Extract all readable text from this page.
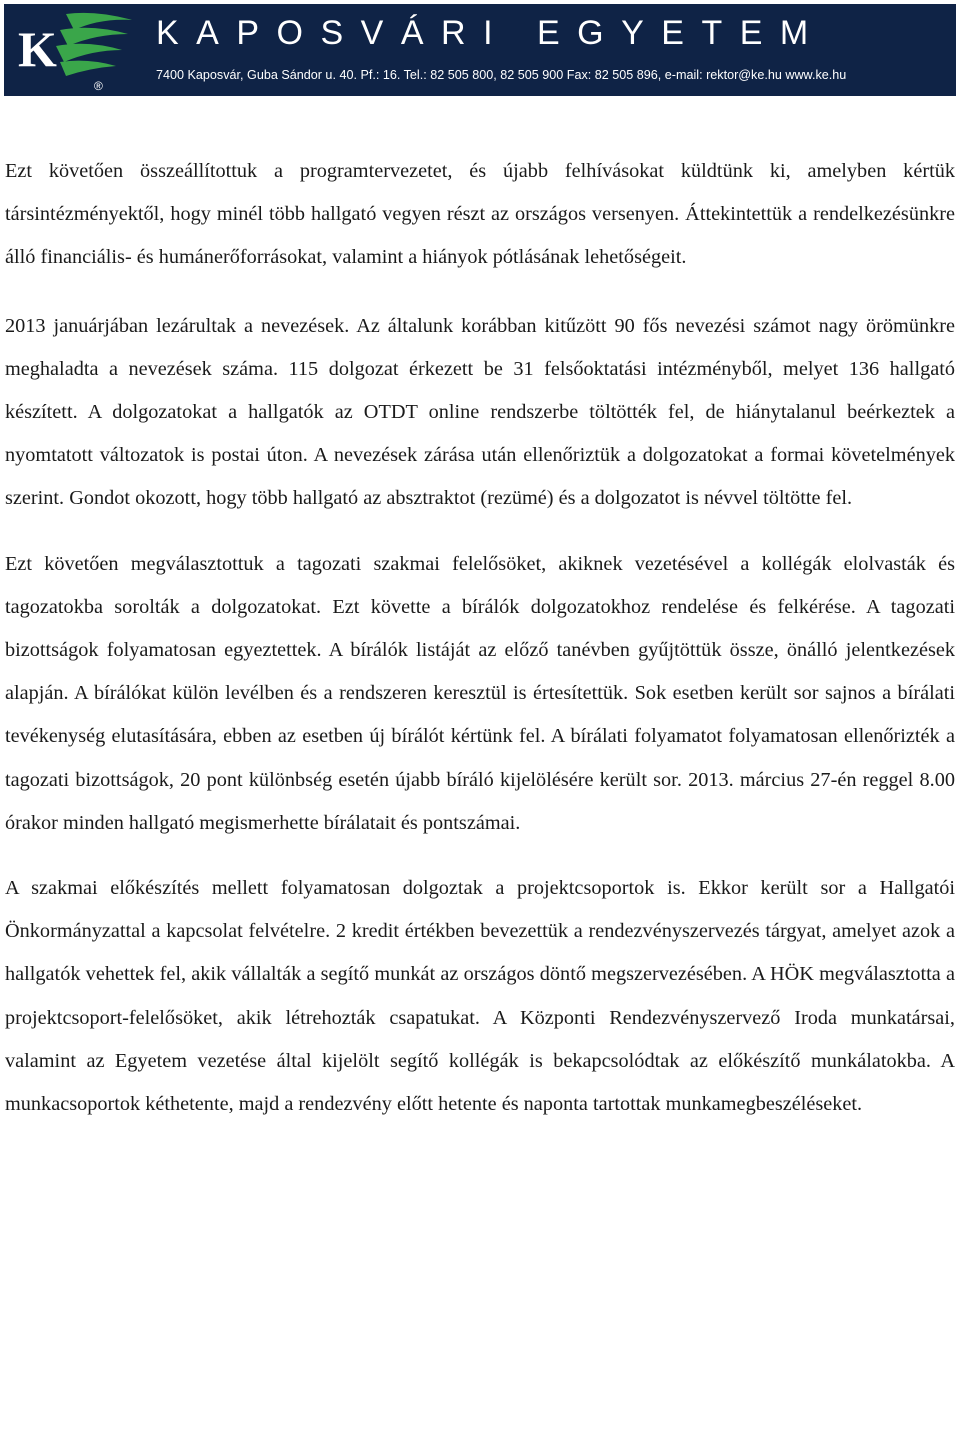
K
®
KAPOSVÁRI EGYETEM
7400 Kaposvár, Guba Sándor u. 40. Pf.: 16. Tel.: 82 505 800, 82 505 900 Fax: 82 505 896, e-mail: rektor@ke.hu www.ke.hu

Ezt követően összeállítottuk a programtervezetet, és újabb felhívásokat küldtünk ki, amelyben kértük társintézményektől, hogy minél több hallgató vegyen részt az országos versenyen. Áttekintettük a rendelkezésünkre álló financiális- és humánerőforrásokat, valamint a hiányok pótlásának lehetőségeit.

2013 januárjában lezárultak a nevezések. Az általunk korábban kitűzött 90 fős nevezési számot nagy örömünkre meghaladta a nevezések száma. 115 dolgozat érkezett be 31 felsőoktatási intézményből, melyet 136 hallgató készített. A dolgozatokat a hallgatók az OTDT online rendszerbe töltötték fel, de hiánytalanul beérkeztek a nyomtatott változatok is postai úton. A nevezések zárása után ellenőriztük a dolgozatokat a formai követelmények szerint. Gondot okozott, hogy több hallgató az absztraktot (rezümé) és a dolgozatot is névvel töltötte fel.

Ezt követően megválasztottuk a tagozati szakmai felelősöket, akiknek vezetésével a kollégák elolvasták és tagozatokba sorolták a dolgozatokat. Ezt követte a bírálók dolgozatokhoz rendelése és felkérése. A tagozati bizottságok folyamatosan egyeztettek. A bírálók listáját az előző tanévben gyűjtöttük össze, önálló jelentkezések alapján. A bírálókat külön levélben és a rendszeren keresztül is értesítettük. Sok esetben került sor sajnos a bírálati tevékenység elutasítására, ebben az esetben új bírálót kértünk fel. A bírálati folyamatot folyamatosan ellenőrizték a tagozati bizottságok, 20 pont különbség esetén újabb bíráló kijelölésére került sor. 2013. március 27-én reggel 8.00 órakor minden hallgató megismerhette bírálatait és pontszámai.

A szakmai előkészítés mellett folyamatosan dolgoztak a projektcsoportok is. Ekkor került sor a Hallgatói Önkormányzattal a kapcsolat felvételre. 2 kredit értékben bevezettük a rendezvényszervezés tárgyat, amelyet azok a hallgatók vehettek fel, akik vállalták a segítő munkát az országos döntő megszervezésében. A HÖK megválasztotta a projektcsoport-felelősöket, akik létrehozták csapatukat. A Központi Rendezvényszervező Iroda munkatársai, valamint az Egyetem vezetése által kijelölt segítő kollégák is bekapcsolódtak az előkészítő munkálatokba. A munkacsoportok kéthetente, majd a rendezvény előtt hetente és naponta tartottak munkamegbeszéléseket.
